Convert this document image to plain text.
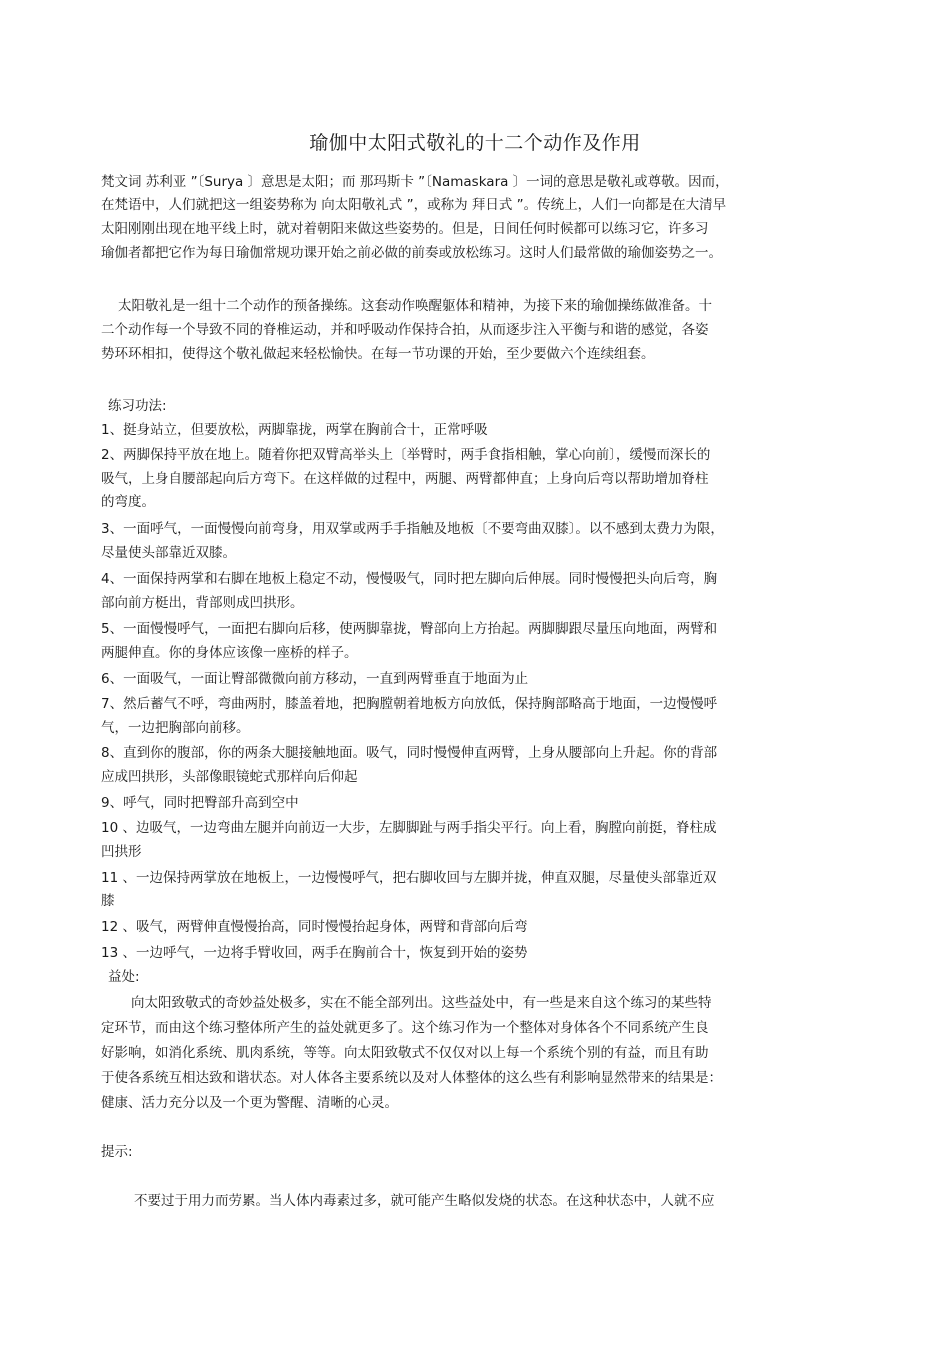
瑜伽中太阳式敬礼的十二个动作及作用
梵文词 苏利亚 ”〔Surya 〕意思是太阳；而 那玛斯卡 ”〔Namaskara 〕一词的意思是敬礼或尊敬。因而，
在梵语中，人们就把这一组姿势称为 向太阳敬礼式 ”，或称为 拜日式 ”。传统上，人们一向都是在大清早
太阳刚刚出现在地平线上时，就对着朝阳来做这些姿势的。但是，日间任何时候都可以练习它，许多习
瑜伽者都把它作为每日瑜伽常规功课开始之前必做的前奏或放松练习。这时人们最常做的瑜伽姿势之一。
太阳敬礼是一组十二个动作的预备操练。这套动作唤醒躯体和精神，为接下来的瑜伽操练做准备。十
二个动作每一个导致不同的脊椎运动，并和呼吸动作保持合拍，从而逐步注入平衡与和谐的感觉，各姿
势环环相扣，使得这个敬礼做起来轻松愉快。在每一节功课的开始，至少要做六个连续组套。
练习功法:
1、挺身站立，但要放松，两脚靠拢，两掌在胸前合十，正常呼吸
2、两脚保持平放在地上。随着你把双臂高举头上〔举臂时，两手食指相触，掌心向前〕，缓慢而深长的
吸气，上身自腰部起向后方弯下。在这样做的过程中，两腿、两臂都伸直；上身向后弯以帮助增加脊柱
的弯度。
3、一面呼气，一面慢慢向前弯身，用双掌或两手手指触及地板〔不要弯曲双膝〕。以不感到太费力为限，
尽量使头部靠近双膝。
4、一面保持两掌和右脚在地板上稳定不动，慢慢吸气，同时把左脚向后伸展。同时慢慢把头向后弯，胸
部向前方梃出，背部则成凹拱形。
5、一面慢慢呼气，一面把右脚向后移，使两脚靠拢，臀部向上方抬起。两脚脚跟尽量压向地面，两臂和
两腿伸直。你的身体应该像一座桥的样子。
6、一面吸气，一面让臀部微微向前方移动，一直到两臂垂直于地面为止
7、然后蓄气不呼，弯曲两肘，膝盖着地，把胸膛朝着地板方向放低，保持胸部略高于地面，一边慢慢呼
气，一边把胸部向前移。
8、直到你的腹部，你的两条大腿接触地面。吸气，同时慢慢伸直两臂，上身从腰部向上升起。你的背部
应成凹拱形，头部像眼镜蛇式那样向后仰起
9、呼气，同时把臀部升高到空中
10 、边吸气，一边弯曲左腿并向前迈一大步，左脚脚趾与两手指尖平行。向上看，胸膛向前挺，脊柱成
凹拱形
11 、一边保持两掌放在地板上，一边慢慢呼气，把右脚收回与左脚并拢，伸直双腿，尽量使头部靠近双
膝
12 、吸气，两臂伸直慢慢抬高，同时慢慢抬起身体，两臂和背部向后弯
13 、一边呼气，一边将手臂收回，两手在胸前合十，恢复到开始的姿势
益处:
向太阳致敬式的奇妙益处极多，实在不能全部列出。这些益处中，有一些是来自这个练习的某些特
定环节，而由这个练习整体所产生的益处就更多了。这个练习作为一个整体对身体各个不同系统产生良
好影响，如消化系统、肌肉系统，等等。向太阳致敬式不仅仅对以上每一个系统个别的有益，而且有助
于使各系统互相达致和谐状态。对人体各主要系统以及对人体整体的这么些有利影响显然带来的结果是：
健康、活力充分以及一个更为警醒、清晰的心灵。
提示:
不要过于用力而劳累。当人体内毒素过多，就可能产生略似发烧的状态。在这种状态中，人就不应
